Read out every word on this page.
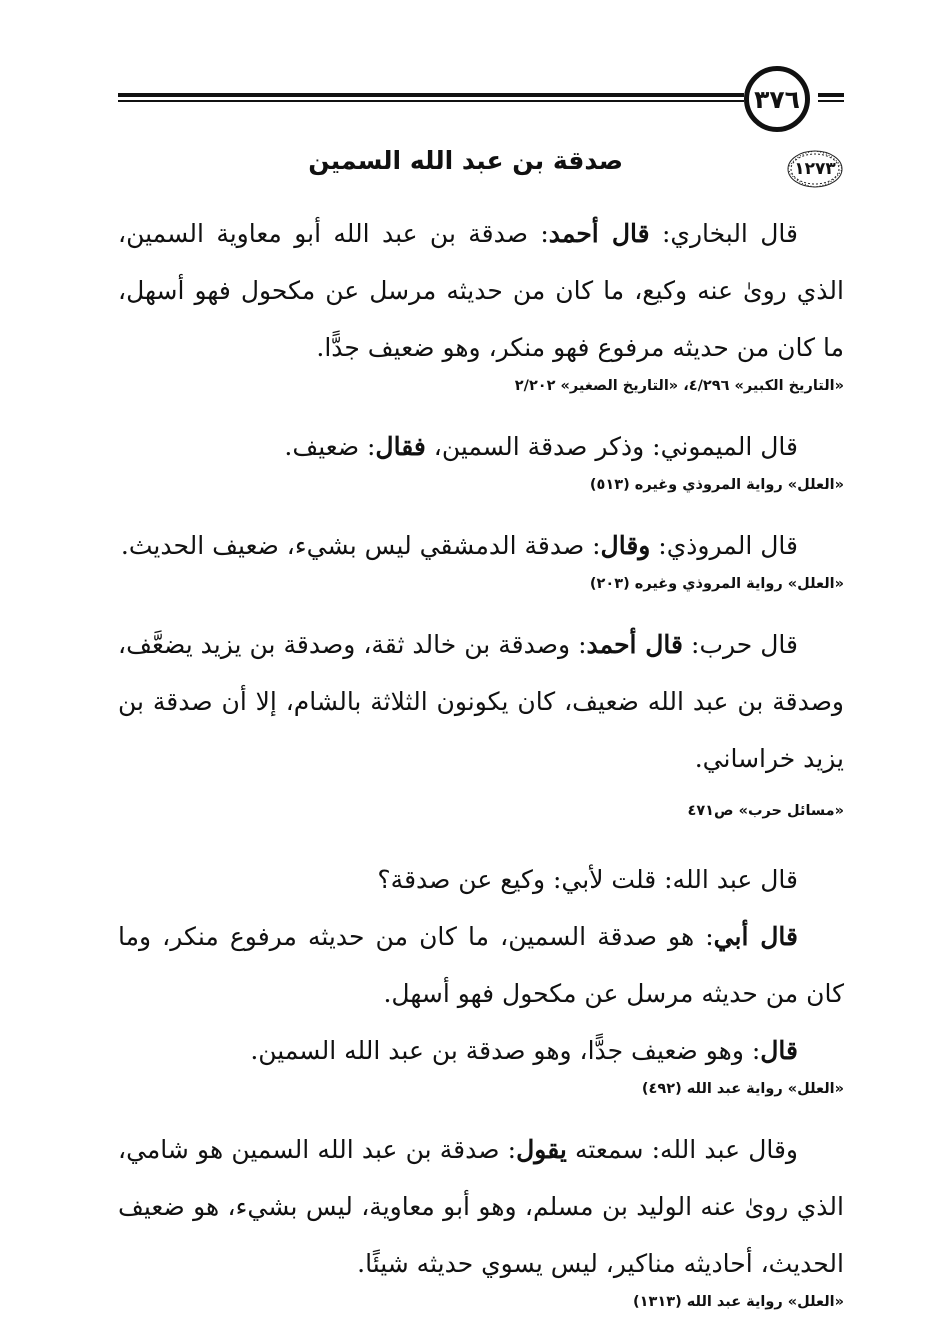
٣٧٦
١٢٧٣
صدقة بن عبد الله السمين

قال البخاري: قال أحمد: صدقة بن عبد الله أبو معاوية السمين، الذي رویٰ عنه وكيع، ما كان من حديثه مرسل عن مكحول فهو أسهل، ما كان من حديثه مرفوع فهو منكر، وهو ضعيف جدًّا.

«التاريخ الكبير» ٤/٢٩٦، «التاريخ الصغير» ٢/٢٠٢

قال الميموني: وذكر صدقة السمين، فقال: ضعيف.

«العلل» رواية المروذي وغيره (٥١٣)

قال المروذي: وقال: صدقة الدمشقي ليس بشيء، ضعيف الحديث.

«العلل» رواية المروذي وغيره (٢٠٣)

قال حرب: قال أحمد: وصدقة بن خالد ثقة، وصدقة بن يزيد يضعَّف، وصدقة بن عبد الله ضعيف، كان يكونون الثلاثة بالشام، إلا أن صدقة بن يزيد خراساني.

«مسائل حرب» ص٤٧١

قال عبد الله: قلت لأبي: وكيع عن صدقة؟

قال أبي: هو صدقة السمين، ما كان من حديثه مرفوع منكر، وما كان من حديثه مرسل عن مكحول فهو أسهل.

قال: وهو ضعيف جدًّا، وهو صدقة بن عبد الله السمين.

«العلل» رواية عبد الله (٤٩٢)

وقال عبد الله: سمعته يقول: صدقة بن عبد الله السمين هو شامي، الذي رویٰ عنه الوليد بن مسلم، وهو أبو معاوية، ليس بشيء، هو ضعيف الحديث، أحاديثه مناكير، ليس يسوي حديثه شيئًا.

«العلل» رواية عبد الله (١٣١٣)
